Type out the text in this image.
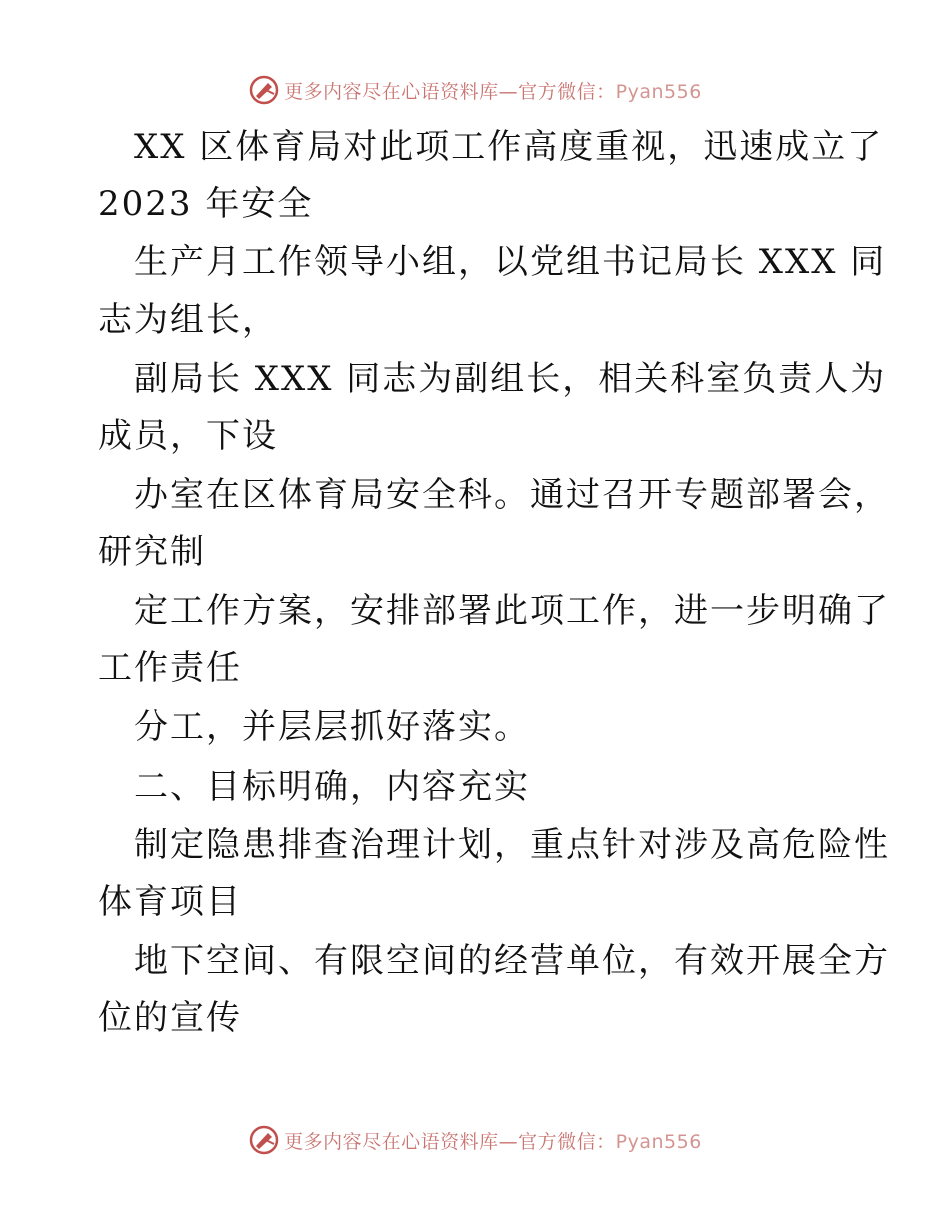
更多内容尽在心语资料库—官方微信：Pyan556
XX 区体育局对此项工作高度重视，迅速成立了
2023 年安全
生产月工作领导小组，以党组书记局长 XXX 同
志为组长，
副局长 XXX 同志为副组长，相关科室负责人为
成员，下设
办室在区体育局安全科。通过召开专题部署会，
研究制
定工作方案，安排部署此项工作，进一步明确了
工作责任
分工，并层层抓好落实。
二、目标明确，内容充实
制定隐患排查治理计划，重点针对涉及高危险性
体育项目
地下空间、有限空间的经营单位，有效开展全方
位的宣传
更多内容尽在心语资料库—官方微信：Pyan556
